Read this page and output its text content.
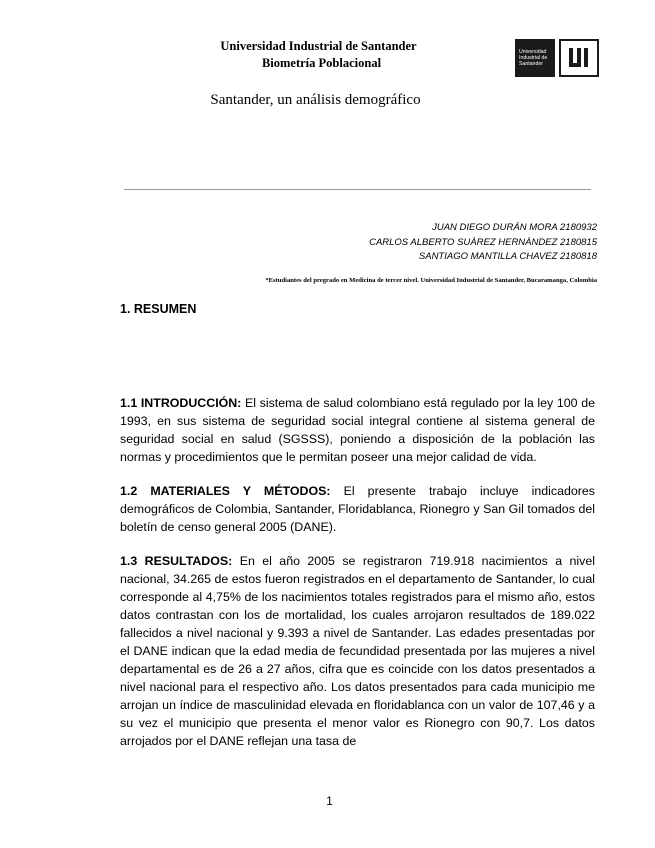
Universidad Industrial de Santander

Biometría Poblacional

Santander, un análisis demográfico
Universidad
Industrial de
Santander
JUAN DIEGO DURÁN MORA 2180932
CARLOS ALBERTO SUÀREZ HERNÀNDEZ 2180815
SANTIAGO MANTILLA CHAVEZ 2180818
*Estudiantes del pregrado en Medicina de tercer nivel. Universidad Industrial de Santander, Bucaramanga, Colombia
1. RESUMEN

1.1 INTRODUCCIÓN: El sistema de salud colombiano está regulado por la ley 100 de 1993, en sus sistema de seguridad social integral contiene al sistema general de seguridad social en salud (SGSSS), poniendo a disposición de la población las normas y procedimientos que le permitan poseer una mejor calidad de vida.

1.2 MATERIALES Y MÉTODOS: El presente trabajo incluye indicadores demográficos de Colombia, Santander, Floridablanca, Rionegro y San Gil tomados del boletín de censo general 2005 (DANE).

1.3 RESULTADOS: En el año 2005 se registraron 719.918 nacimientos a nivel nacional, 34.265 de estos fueron registrados en el departamento de Santander, lo cual corresponde al 4,75% de los nacimientos totales registrados para el mismo año, estos datos contrastan con los de mortalidad, los cuales arrojaron resultados de 189.022 fallecidos a nivel nacional y 9.393 a nivel de Santander. Las edades presentadas por el DANE indican que la edad media de fecundidad presentada por las mujeres a nivel departamental es de 26 a 27 años, cifra que es coincide con los datos presentados a nivel nacional para el respectivo año. Los datos presentados para cada municipio me arrojan un índice de masculinidad elevada en floridablanca con un valor de 107,46 y a su vez el municipio que presenta el menor valor es Rionegro con 90,7. Los datos arrojados por el DANE reflejan una tasa de

1
